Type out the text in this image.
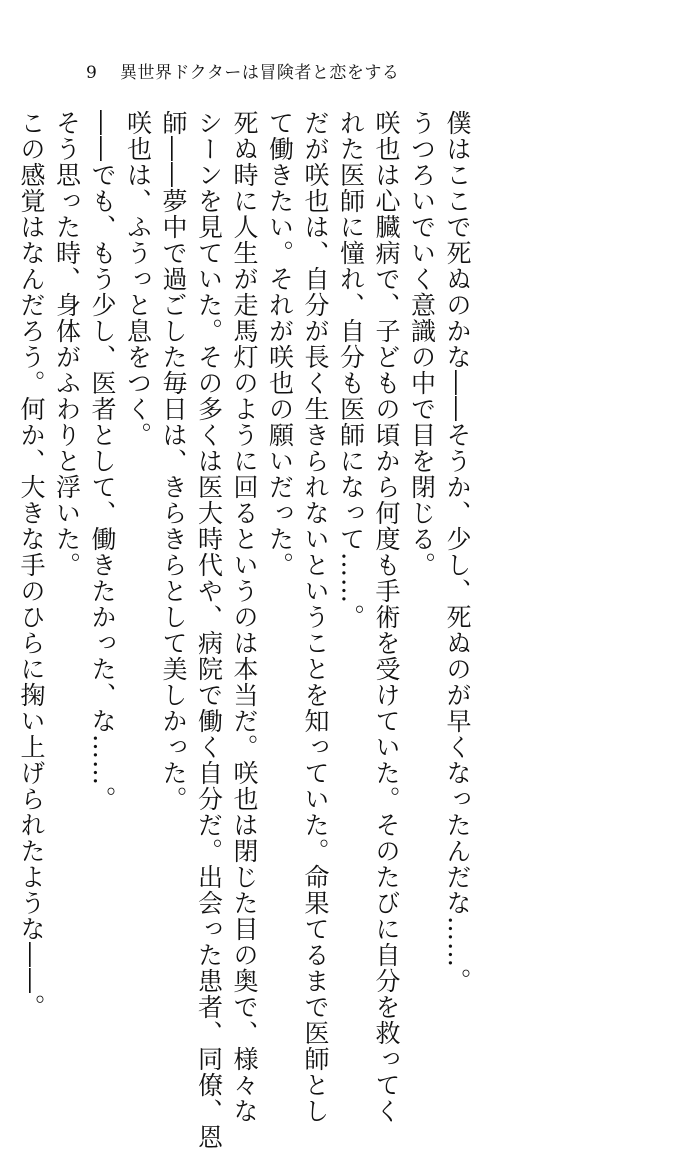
9 異世界ドクターは冒険者と恋をする

僕はここで死ぬのかな――そうか、少し、死ぬのが早くなったんだな……。

うつろいでいく意識の中で目を閉じる。

咲也は心臓病で、子どもの頃から何度も手術を受けていた。そのたびに自分を救ってく

れた医師に憧れ、自分も医師になって……。

だが咲也は、自分が長く生きられないということを知っていた。命果てるまで医師とし

て働きたい。それが咲也の願いだった。

死ぬ時に人生が走馬灯のように回るというのは本当だ。咲也は閉じた目の奥で、様々な

シーンを見ていた。その多くは医大時代や、病院で働く自分だ。出会った患者、同僚、恩

師――夢中で過ごした毎日は、きらきらとして美しかった。

咲也は、ふうっと息をつく。

――でも、もう少し、医者として、働きたかった、な……。

そう思った時、身体がふわりと浮いた。

この感覚はなんだろう。何か、大きな手のひらに掬い上げられたような――。
